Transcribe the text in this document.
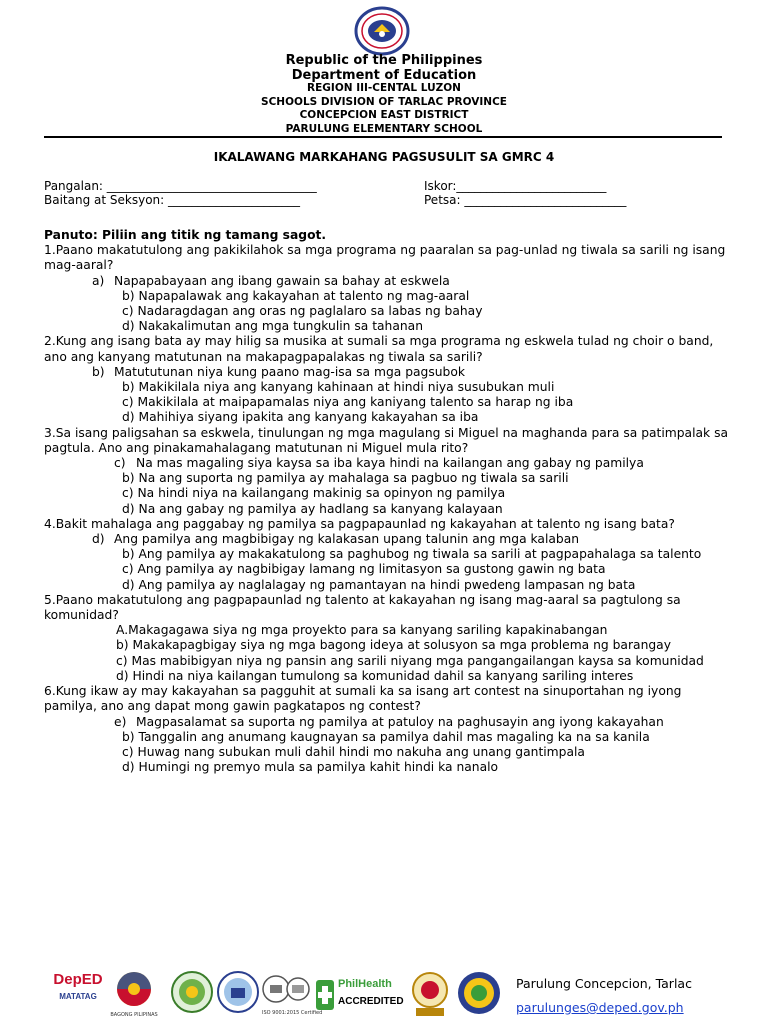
Republic of the Philippines
Department of Education
REGION III-CENTAL LUZON
SCHOOLS DIVISION OF TARLAC PROVINCE
CONCEPCION EAST DISTRICT
PARULUNG ELEMENTARY SCHOOL
IKALAWANG MARKAHANG PAGSUSULIT SA GMRC 4
Pangalan: ___________________________________
Baitang at Seksyon: ______________________
Iskor:_________________________
Petsa: ___________________________

Panuto: Piliin ang titik ng tamang sagot.

1.Paano makatutulong ang pakikilahok sa mga programa ng paaralan sa pag-unlad ng tiwala sa sarili ng isang mag-aaral?

a) Napapabayaan ang ibang gawain sa bahay at eskwela

b) Napapalawak ang kakayahan at talento ng mag-aaral

c) Nadaragdagan ang oras ng paglalaro sa labas ng bahay

d) Nakakalimutan ang mga tungkulin sa tahanan

2.Kung ang isang bata ay may hilig sa musika at sumali sa mga programa ng eskwela tulad ng choir o band, ano ang kanyang matutunan na makapagpapalakas ng tiwala sa sarili?

b) Matututunan niya kung paano mag-isa sa mga pagsubok

b) Makikilala niya ang kanyang kahinaan at hindi niya susubukan muli

c) Makikilala at maipapamalas niya ang kaniyang talento sa harap ng iba

d) Mahihiya siyang ipakita ang kanyang kakayahan sa iba

3.Sa isang paligsahan sa eskwela, tinulungan ng mga magulang si Miguel na maghanda para sa patimpalak sa pagtula. Ano ang pinakamahalagang matutunan ni Miguel mula rito?

c) Na mas magaling siya kaysa sa iba kaya hindi na kailangan ang gabay ng pamilya

b) Na ang suporta ng pamilya ay mahalaga sa pagbuo ng tiwala sa sarili

c) Na hindi niya na kailangang makinig sa opinyon ng pamilya

d) Na ang gabay ng pamilya ay hadlang sa kanyang kalayaan

4.Bakit mahalaga ang paggabay ng pamilya sa pagpapaunlad ng kakayahan at talento ng isang bata?

d) Ang pamilya ang magbibigay ng kalakasan upang talunin ang mga kalaban

b) Ang pamilya ay makakatulong sa paghubog ng tiwala sa sarili at pagpapahalaga sa talento

c) Ang pamilya ay nagbibigay lamang ng limitasyon sa gustong gawin ng bata

d) Ang pamilya ay naglalagay ng pamantayan na hindi pwedeng lampasan ng bata

5.Paano makatutulong ang pagpapaunlad ng talento at kakayahan ng isang mag-aaral sa pagtulong sa komunidad?

A.Makagagawa siya ng mga proyekto para sa kanyang sariling kapakinabangan

b) Makakapagbigay siya ng mga bagong ideya at solusyon sa mga problema ng barangay

c) Mas mabibigyan niya ng pansin ang sarili niyang mga pangangailangan kaysa sa komunidad

d) Hindi na niya kailangan tumulong sa komunidad dahil sa kanyang sariling interes

6.Kung ikaw ay may kakayahan sa pagguhit at sumali ka sa isang art contest na sinuportahan ng iyong pamilya, ano ang dapat mong gawin pagkatapos ng contest?

e) Magpasalamat sa suporta ng pamilya at patuloy na paghusayin ang iyong kakayahan

b) Tanggalin ang anumang kaugnayan sa pamilya dahil mas magaling ka na sa kanila

c) Huwag nang subukan muli dahil hindi mo nakuha ang unang gantimpala

d) Humingi ng premyo mula sa pamilya kahit hindi ka nanalo

DepED
MATATAG
BAGONG PILIPINAS	ISO 9001:2015 Certified
PhilHealth
ACCREDITED
Parulung Concepcion, Tarlac
parulunges@deped.gov.ph
